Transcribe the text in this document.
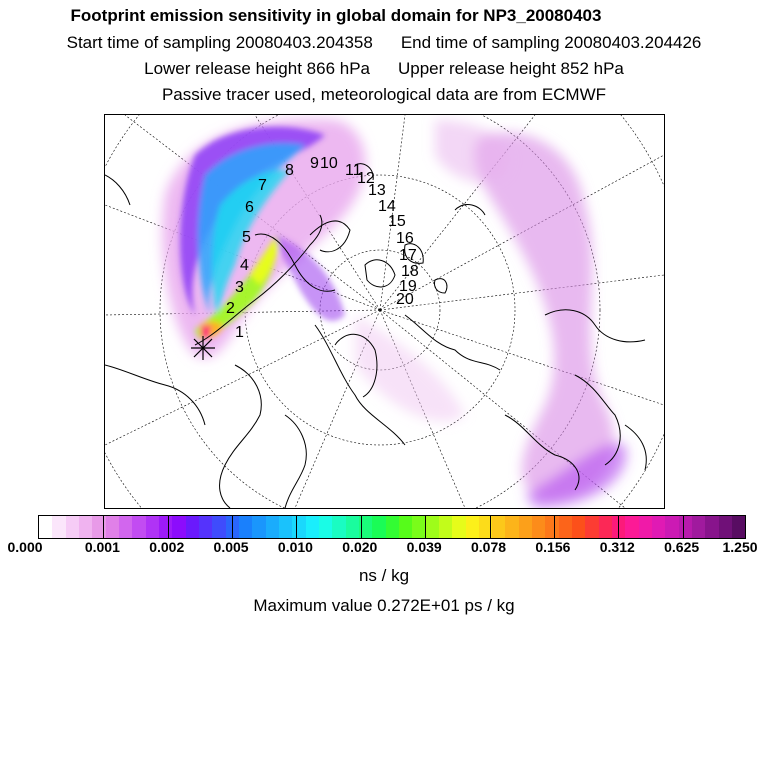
Footprint emission sensitivity in global domain for NP3_20080403
Start time of sampling 20080403.204358 End time of sampling 20080403.204426
Lower release height 866 hPa Upper release height 852 hPa
Passive tracer used, meteorological data are from ECMWF
1
2
3
4
5
6
7
8 9 10 11
12
13
14
15
16
17
18
19
20
0.000	0.001 0.002 0.005 0.010 0.020 0.039 0.078 0.156 0.312 0.625 1.250
ns / kg
Maximum value 0.272E+01 ps / kg
